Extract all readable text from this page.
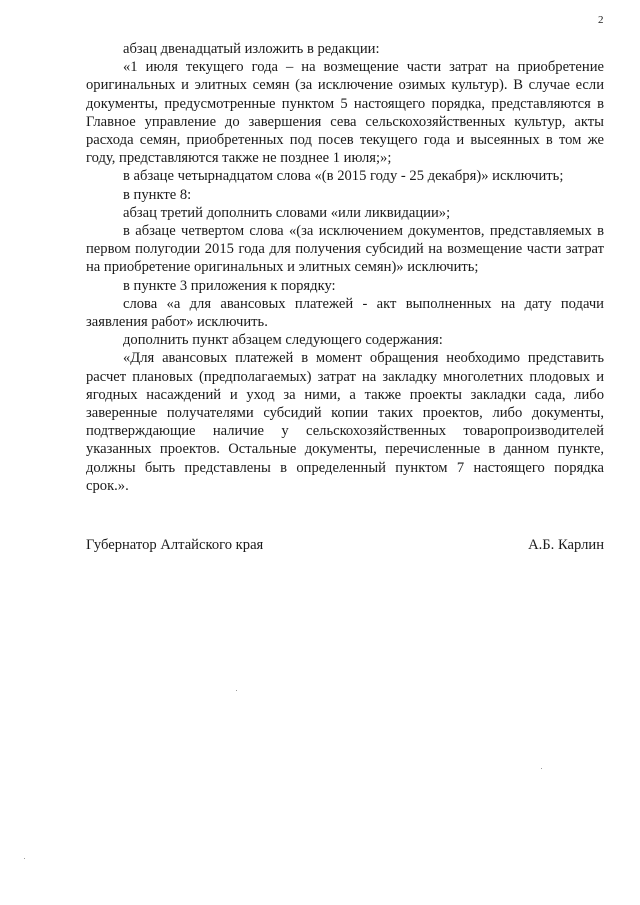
2

абзац двенадцатый изложить в редакции:

«1 июля текущего года – на возмещение части затрат на приобретение оригинальных и элитных семян (за исключение озимых культур). В случае если документы, предусмотренные пунктом 5 настоящего порядка, представляются в Главное управление до завершения сева сельскохозяйственных культур, акты расхода семян, приобретенных под посев текущего года и высеянных в том же году, представляются также не позднее 1 июля;»;

в абзаце четырнадцатом слова «(в 2015 году - 25 декабря)» исключить;

в пункте 8:

абзац третий дополнить словами «или ликвидации»;

в абзаце четвертом слова «(за исключением документов, представляемых в первом полугодии 2015 года для получения субсидий на возмещение части затрат на приобретение оригинальных и элитных семян)» исключить;

в пункте 3 приложения к порядку:

слова «а для авансовых платежей - акт выполненных на дату подачи заявления работ» исключить.

дополнить пункт абзацем следующего содержания:

«Для авансовых платежей в момент обращения необходимо представить расчет плановых (предполагаемых) затрат на закладку многолетних плодовых и ягодных насаждений и уход за ними, а также проекты закладки сада, либо заверенные получателями субсидий копии таких проектов, либо документы, подтверждающие наличие у сельскохозяйственных товаропроизводителей указанных проектов. Остальные документы, перечисленные в данном пункте, должны быть представлены в определенный пунктом 7 настоящего порядка срок.».

Губернатор Алтайского края	А.Б. Карлин
